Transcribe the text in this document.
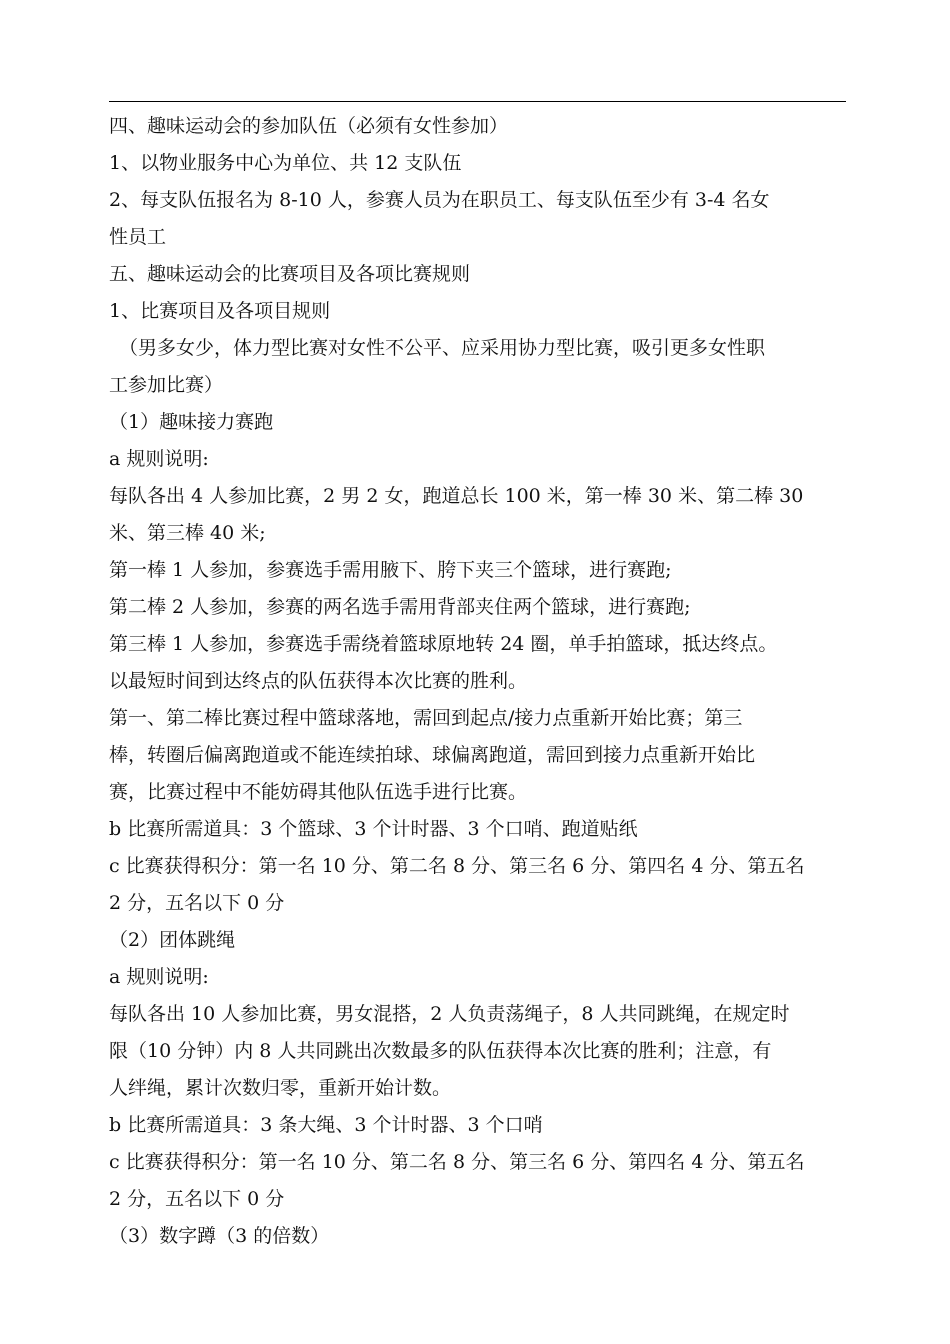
四、趣味运动会的参加队伍（必须有女性参加）
1、以物业服务中心为单位、共 12 支队伍
2、每支队伍报名为 8-10 人，参赛人员为在职员工、每支队伍至少有 3-4 名女
性员工
五、趣味运动会的比赛项目及各项比赛规则
1、比赛项目及各项目规则
（男多女少，体力型比赛对女性不公平、应采用协力型比赛，吸引更多女性职
工参加比赛）
（1）趣味接力赛跑
a 规则说明:
每队各出 4 人参加比赛，2 男 2 女，跑道总长 100 米，第一棒 30 米、第二棒 30
米、第三棒 40 米;
第一棒 1 人参加，参赛选手需用腋下、胯下夹三个篮球，进行赛跑;
第二棒 2 人参加，参赛的两名选手需用背部夹住两个篮球，进行赛跑;
第三棒 1 人参加，参赛选手需绕着篮球原地转 24 圈，单手拍篮球，抵达终点。
以最短时间到达终点的队伍获得本次比赛的胜利。
第一、第二棒比赛过程中篮球落地，需回到起点/接力点重新开始比赛；第三
棒，转圈后偏离跑道或不能连续拍球、球偏离跑道，需回到接力点重新开始比
赛，比赛过程中不能妨碍其他队伍选手进行比赛。
b 比赛所需道具：3 个篮球、3 个计时器、3 个口哨、跑道贴纸
c 比赛获得积分：第一名 10 分、第二名 8 分、第三名 6 分、第四名 4 分、第五名
2 分，五名以下 0 分
（2）团体跳绳
a 规则说明:
每队各出 10 人参加比赛，男女混搭，2 人负责荡绳子，8 人共同跳绳，在规定时
限（10 分钟）内 8 人共同跳出次数最多的队伍获得本次比赛的胜利；注意，有
人绊绳，累计次数归零，重新开始计数。
b 比赛所需道具：3 条大绳、3 个计时器、3 个口哨
c 比赛获得积分：第一名 10 分、第二名 8 分、第三名 6 分、第四名 4 分、第五名
2 分，五名以下 0 分
（3）数字蹲（3 的倍数）
